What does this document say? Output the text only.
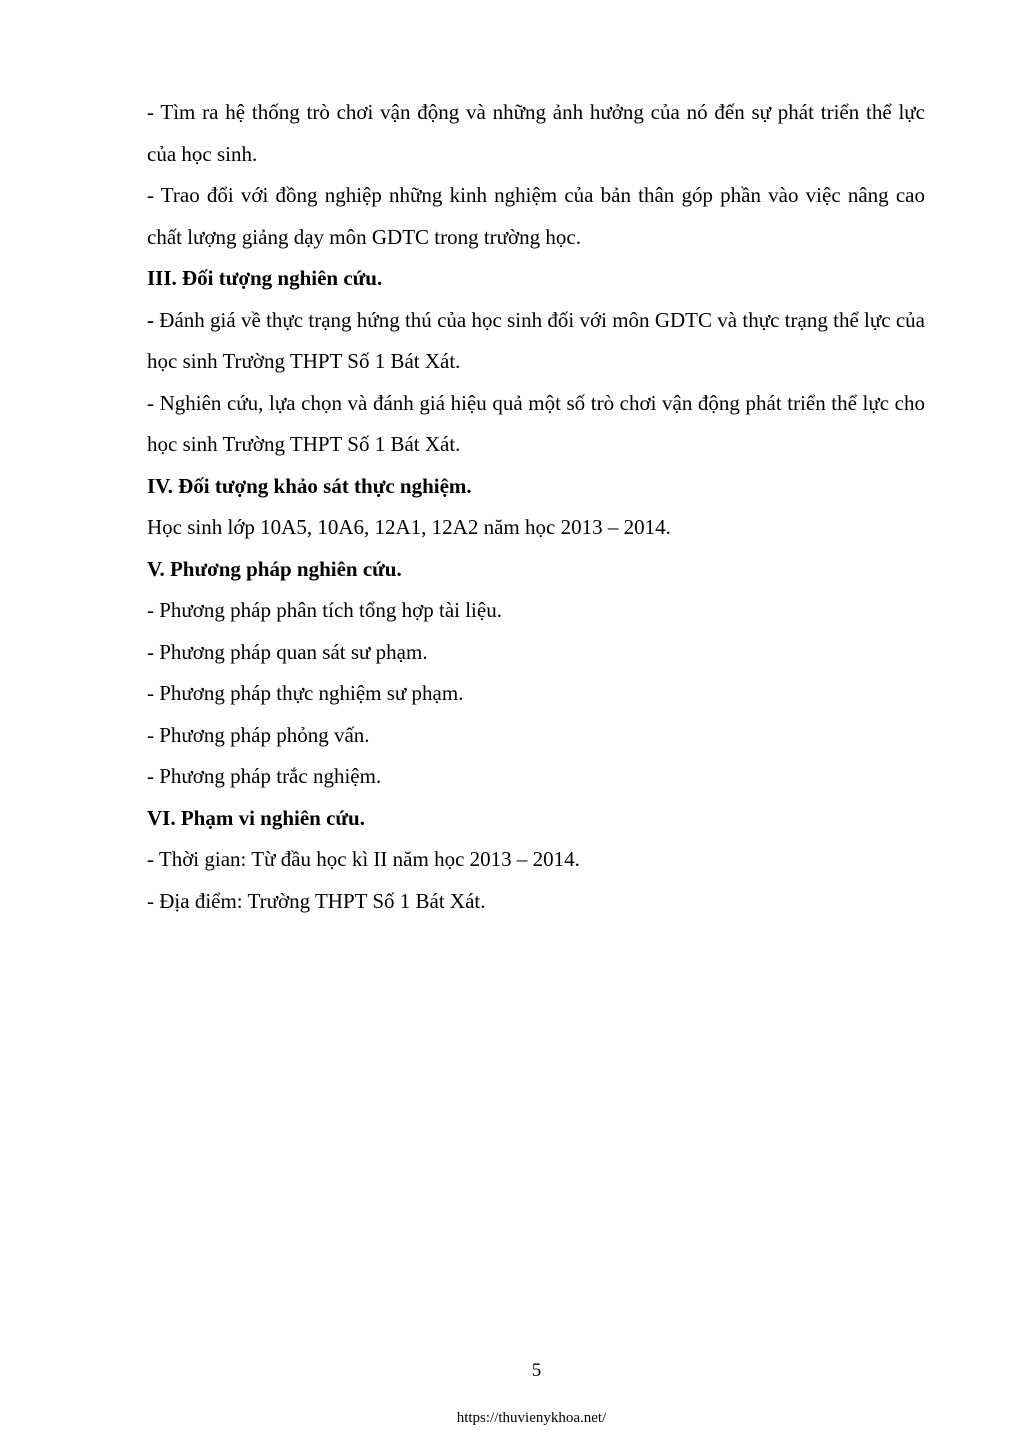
- Tìm ra hệ thống trò chơi vận động và những ảnh hưởng của nó đến sự phát triển thể lực của học sinh.

- Trao đổi với đồng nghiệp những kinh nghiệm của bản thân góp phần vào việc nâng cao chất lượng giảng dạy môn GDTC trong trường học.

III. Đối tượng nghiên cứu.

- Đánh giá về thực trạng hứng thú của học sinh đối với môn GDTC và thực trạng thể lực của học sinh Trường THPT Số 1 Bát Xát.

- Nghiên cứu, lựa chọn và đánh giá hiệu quả một số trò chơi vận động phát triển thể lực cho học sinh Trường THPT Số 1 Bát Xát.

IV. Đối tượng khảo sát thực nghiệm.

Học sinh lớp 10A5, 10A6, 12A1, 12A2 năm học 2013 – 2014.

V. Phương pháp nghiên cứu.

- Phương pháp phân tích tổng hợp tài liệu.

- Phương pháp quan sát sư phạm.

- Phương pháp thực nghiệm sư phạm.

- Phương pháp phỏng vấn.

- Phương pháp trắc nghiệm.

VI. Phạm vi nghiên cứu.

- Thời gian: Từ đầu học kì II năm học 2013 – 2014.

- Địa điểm: Trường THPT Số 1 Bát Xát.

5
https://thuvienykhoa.net/
